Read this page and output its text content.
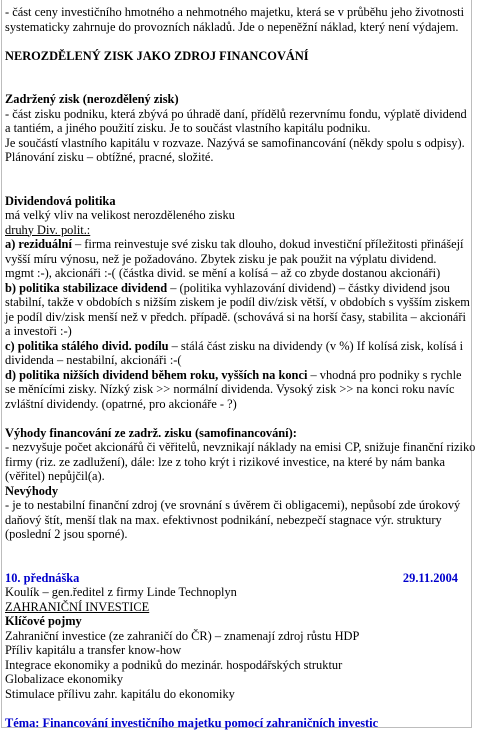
- část ceny investičního hmotného a nehmotného majetku, která se v průběhu jeho životnosti
systematicky zahrnuje do provozních nákladů. Jde o nepeněžní náklad, který není výdajem.
NEROZDĚLENÝ ZISK JAKO ZDROJ FINANCOVÁNÍ
Zadržený zisk (nerozdělený zisk)
- část zisku podniku, která zbývá po úhradě daní, přídělů rezervnímu fondu, výplatě dividend
a tantiém, a jiného použití zisku. Je to součást vlastního kapitálu podniku.
Je součástí vlastního kapitálu v rozvaze. Nazývá se samofinancování (někdy spolu s odpisy).
Plánování zisku – obtížné, pracné, složité.
Dividendová politika
má velký vliv na velikost nerozděleného zisku
druhy Div. polit.:
a) reziduální – firma reinvestuje své zisku tak dlouho, dokud investiční příležitosti přinášejí
vyšší míru výnosu, než je požadováno. Zbytek zisku je pak použit na výplatu dividend.
mgmt :-), akcionáři :-( (částka divid. se mění a kolísá – až co zbyde dostanou akcionáři)
b) politika stabilizace dividend – (politika vyhlazování dividend) – částky dividend jsou
stabilní, takže v obdobích s nižším ziskem je podíl div/zisk větší, v obdobích s vyšším ziskem
je podíl div/zisk menší než v předch. případě. (schovává si na horší časy, stabilita – akcionáři
a investoři :-)
c) politika stálého divid. podílu – stálá část zisku na dividendy (v %) If kolísá zisk, kolísá i
dividenda – nestabilní, akcionáři :-(
d) politika nižších dividend během roku, vyšších na konci – vhodná pro podniky s rychle
se měnícími zisky. Nízký zisk >> normální dividenda. Vysoký zisk >> na konci roku navíc
zvláštní dividendy. (opatrné, pro akcionáře - ?)
Výhody financování ze zadrž. zisku (samofinancování):
- nezvyšuje počet akcionářů či věřitelů, nevznikají náklady na emisi CP, snižuje finanční riziko
firmy (riz. ze zadlužení), dále: lze z toho krýt i rizikové investice, na které by nám banka
(věřitel) nepůjčil(a).
Nevýhody
- je to nestabilní finanční zdroj (ve srovnání s úvěrem či obligacemi), nepůsobí zde úrokový
daňový štít, menší tlak na max. efektivnost podnikání, nebezpečí stagnace výr. struktury
(poslední 2 jsou sporné).
10. přednáška	29.11.2004
Koulík – gen.ředitel z firmy Linde Technoplyn
ZAHRANIČNÍ INVESTICE
Klíčové pojmy
Zahraniční investice (ze zahraničí do ČR) – znamenají zdroj růstu HDP
Příliv kapitálu a transfer know-how
Integrace ekonomiky a podniků do mezinár. hospodářských struktur
Globalizace ekonomiky
Stimulace přílivu zahr. kapitálu do ekonomiky
Téma: Financování investičního majetku pomocí zahraničních investic
